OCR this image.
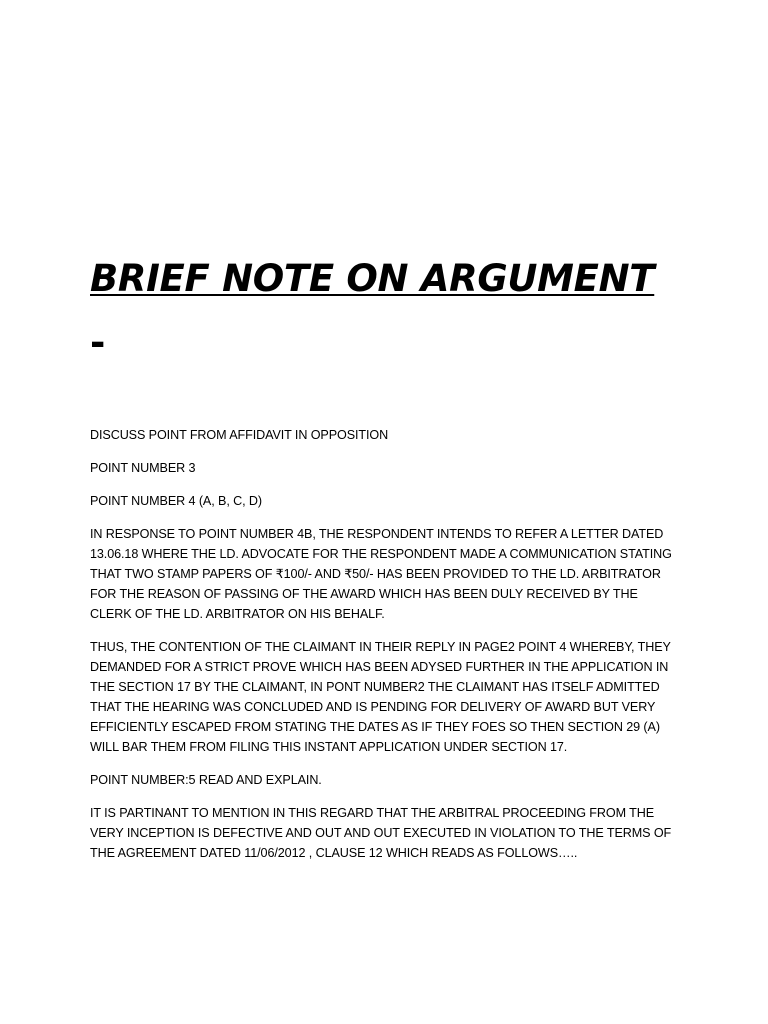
BRIEF NOTE ON ARGUMENT
-

DISCUSS POINT FROM AFFIDAVIT IN OPPOSITION

POINT NUMBER 3

POINT NUMBER 4 (A, B, C, D)

IN RESPONSE TO POINT NUMBER 4B, THE RESPONDENT INTENDS TO REFER A LETTER DATED 13.06.18 WHERE THE LD. ADVOCATE FOR THE RESPONDENT MADE A COMMUNICATION STATING THAT TWO STAMP PAPERS OF ₹100/- AND ₹50/- HAS BEEN PROVIDED TO THE LD. ARBITRATOR FOR THE REASON OF PASSING OF THE AWARD WHICH HAS BEEN DULY RECEIVED BY THE CLERK OF THE LD. ARBITRATOR ON HIS BEHALF.

THUS, THE CONTENTION OF THE CLAIMANT IN THEIR REPLY IN PAGE2 POINT 4 WHEREBY, THEY DEMANDED FOR A STRICT PROVE WHICH HAS BEEN ADYSED FURTHER IN THE APPLICATION IN THE SECTION 17 BY THE CLAIMANT, IN PONT NUMBER2 THE CLAIMANT HAS ITSELF ADMITTED THAT THE HEARING WAS CONCLUDED AND IS PENDING FOR DELIVERY OF AWARD BUT VERY EFFICIENTLY ESCAPED FROM STATING THE DATES AS IF THEY FOES SO THEN SECTION 29 (A) WILL BAR THEM FROM FILING THIS INSTANT APPLICATION UNDER SECTION 17.

POINT NUMBER:5 READ AND EXPLAIN.

IT IS PARTINANT TO MENTION IN THIS REGARD THAT THE ARBITRAL PROCEEDING FROM THE VERY INCEPTION IS DEFECTIVE AND OUT AND OUT EXECUTED IN VIOLATION TO THE TERMS OF THE AGREEMENT DATED 11/06/2012 , CLAUSE 12 WHICH READS AS FOLLOWS…..
